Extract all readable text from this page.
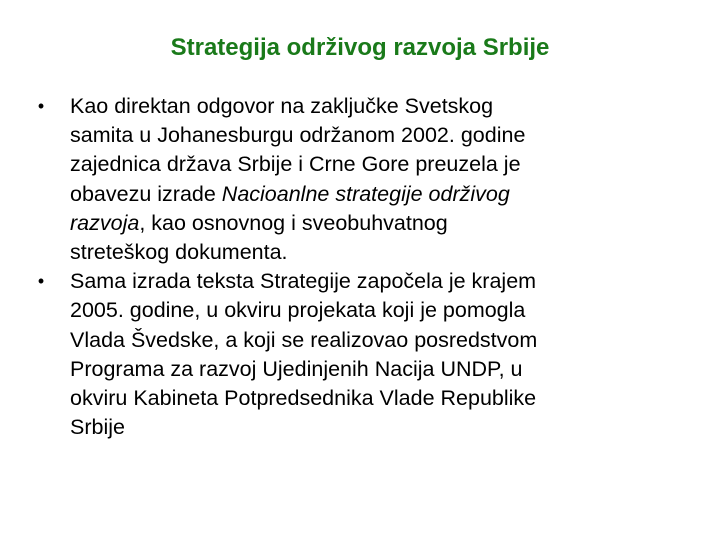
Strategija održivog razvoja Srbije
• Kao direktan odgovor na zaključke Svetskog
samita u Johanesburgu održanom 2002. godine
zajednica država Srbije i Crne Gore preuzela je
obavezu izrade Nacioanlne strategije održivog
razvoja, kao osnovnog i sveobuhvatnog
streteškog dokumenta.
• Sama izrada teksta Strategije započela je krajem
2005. godine, u okviru projekata koji je pomogla
Vlada Švedske, a koji se realizovao posredstvom
Programa za razvoj Ujedinjenih Nacija UNDP, u
okviru Kabineta Potpredsednika Vlade Republike
Srbije
